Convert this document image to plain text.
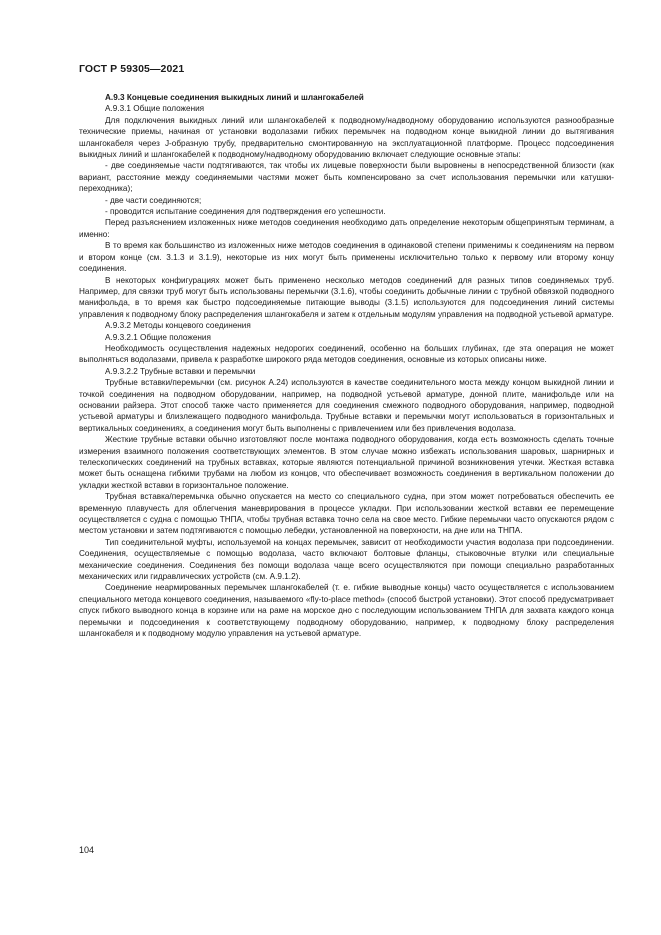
ГОСТ Р 59305—2021

А.9.3 Концевые соединения выкидных линий и шлангокабелей

А.9.3.1 Общие положения

Для подключения выкидных линий или шлангокабелей к подводному/надводному оборудованию используются разнообразные технические приемы, начиная от установки водолазами гибких перемычек на подводном конце выкидной линии до вытягивания шлангокабеля через J-образную трубу, предварительно смонтированную на эксплуатационной платформе. Процесс подсоединения выкидных линий и шлангокабелей к подводному/надводному оборудованию включает следующие основные этапы:

- две соединяемые части подтягиваются, так чтобы их лицевые поверхности были выровнены в непосредственной близости (как вариант, расстояние между соединяемыми частями может быть компенсировано за счет использования перемычки или катушки-переходника);

- две части соединяются;

- проводится испытание соединения для подтверждения его успешности.

Перед разъяснением изложенных ниже методов соединения необходимо дать определение некоторым общепринятым терминам, а именно:

В то время как большинство из изложенных ниже методов соединения в одинаковой степени применимы к соединениям на первом и втором конце (см. 3.1.3 и 3.1.9), некоторые из них могут быть применены исключительно только к первому или второму концу соединения.

В некоторых конфигурациях может быть применено несколько методов соединений для разных типов соединяемых труб. Например, для связки труб могут быть использованы перемычки (3.1.6), чтобы соединить добычные линии с трубной обвязкой подводного манифольда, в то время как быстро подсоединяемые питающие выводы (3.1.5) используются для подсоединения линий системы управления к подводному блоку распределения шлангокабеля и затем к отдельным модулям управления на подводной устьевой арматуре.

А.9.3.2 Методы концевого соединения

А.9.3.2.1 Общие положения

Необходимость осуществления надежных недорогих соединений, особенно на больших глубинах, где эта операция не может выполняться водолазами, привела к разработке широкого ряда методов соединения, основные из которых описаны ниже.

А.9.3.2.2 Трубные вставки и перемычки

Трубные вставки/перемычки (см. рисунок А.24) используются в качестве соединительного моста между концом выкидной линии и точкой соединения на подводном оборудовании, например, на подводной устьевой арматуре, донной плите, манифольде или на основании райзера. Этот способ также часто применяется для соединения смежного подводного оборудования, например, подводной устьевой арматуры и близлежащего подводного манифольда. Трубные вставки и перемычки могут использоваться в горизонтальных и вертикальных соединениях, а соединения могут быть выполнены с привлечением или без привлечения водолаза.

Жесткие трубные вставки обычно изготовляют после монтажа подводного оборудования, когда есть возможность сделать точные измерения взаимного положения соответствующих элементов. В этом случае можно избежать использования шаровых, шарнирных и телескопических соединений на трубных вставках, которые являются потенциальной причиной возникновения утечки. Жесткая вставка может быть оснащена гибкими трубами на любом из концов, что обеспечивает возможность соединения в вертикальном положении до укладки жесткой вставки в горизонтальное положение.

Трубная вставка/перемычка обычно опускается на место со специального судна, при этом может потребоваться обеспечить ее временную плавучесть для облегчения маневрирования в процессе укладки. При использовании жесткой вставки ее перемещение осуществляется с судна с помощью ТНПА, чтобы трубная вставка точно села на свое место. Гибкие перемычки часто опускаются рядом с местом установки и затем подтягиваются с помощью лебедки, установленной на поверхности, на дне или на ТНПА.

Тип соединительной муфты, используемой на концах перемычек, зависит от необходимости участия водолаза при подсоединении. Соединения, осуществляемые с помощью водолаза, часто включают болтовые фланцы, стыковочные втулки или специальные механические соединения. Соединения без помощи водолаза чаще всего осуществляются при помощи специально разработанных механических или гидравлических устройств (см. А.9.1.2).

Соединение неармированных перемычек шлангокабелей (т. е. гибкие выводные концы) часто осуществляется с использованием специального метода концевого соединения, называемого «fly-to-place method» (способ быстрой установки). Этот способ предусматривает спуск гибкого выводного конца в корзине или на раме на морское дно с последующим использованием ТНПА для захвата каждого конца перемычки и подсоединения к соответствующему подводному оборудованию, например, к подводному блоку распределения шлангокабеля и к подводному модулю управления на устьевой арматуре.

104
